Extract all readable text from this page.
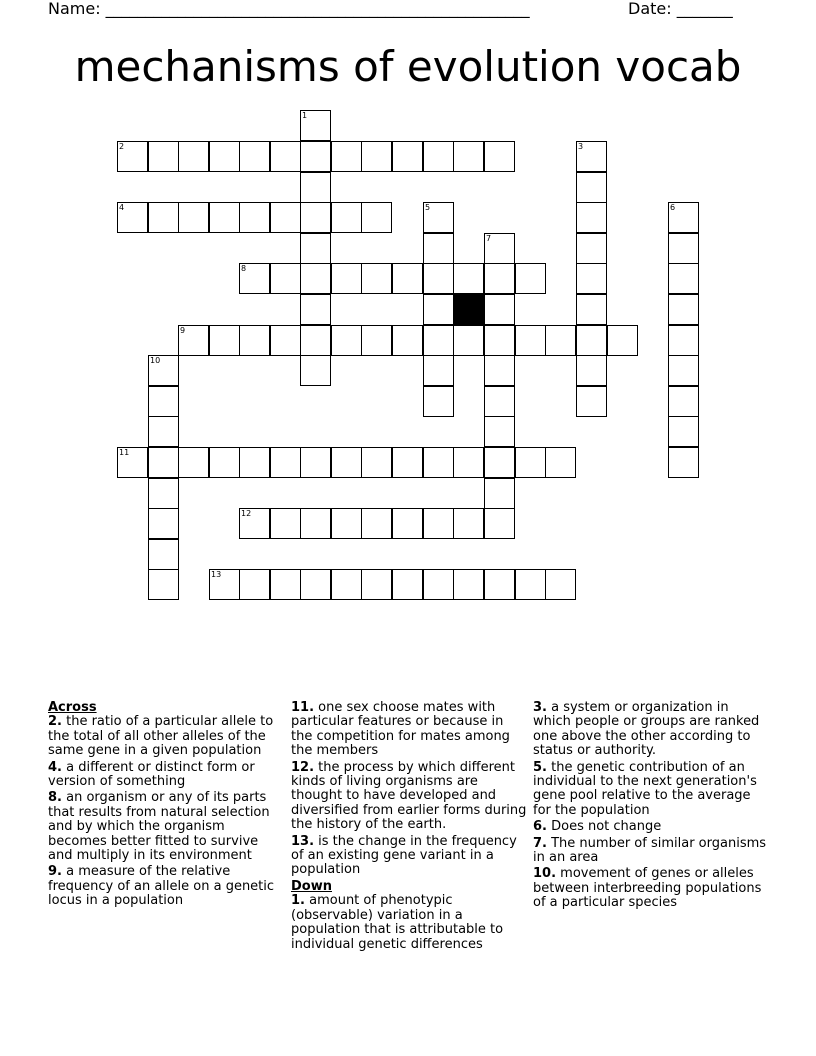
Name: _____________________________________________________	Date: _______
mechanisms of evolution vocab
1
2	3
4	5	6
7
8
9
10
11
12
13
Across
2. the ratio of a particular allele to the total of all other alleles of the same gene in a given population
4. a different or distinct form or version of something
8. an organism or any of its parts that results from natural selection and by which the organism becomes better fitted to survive and multiply in its environment
9. a measure of the relative frequency of an allele on a genetic locus in a population
11. one sex choose mates with particular features or because in the competition for mates among the members
12. the process by which different kinds of living organisms are thought to have developed and diversified from earlier forms during the history of the earth.
13. is the change in the frequency of an existing gene variant in a population
Down
1. amount of phenotypic (observable) variation in a population that is attributable to individual genetic differences
3. a system or organization in which people or groups are ranked one above the other according to status or authority.
5. the genetic contribution of an individual to the next generation's gene pool relative to the average for the population
6. Does not change
7. The number of similar organisms in an area
10. movement of genes or alleles between interbreeding populations of a particular species
